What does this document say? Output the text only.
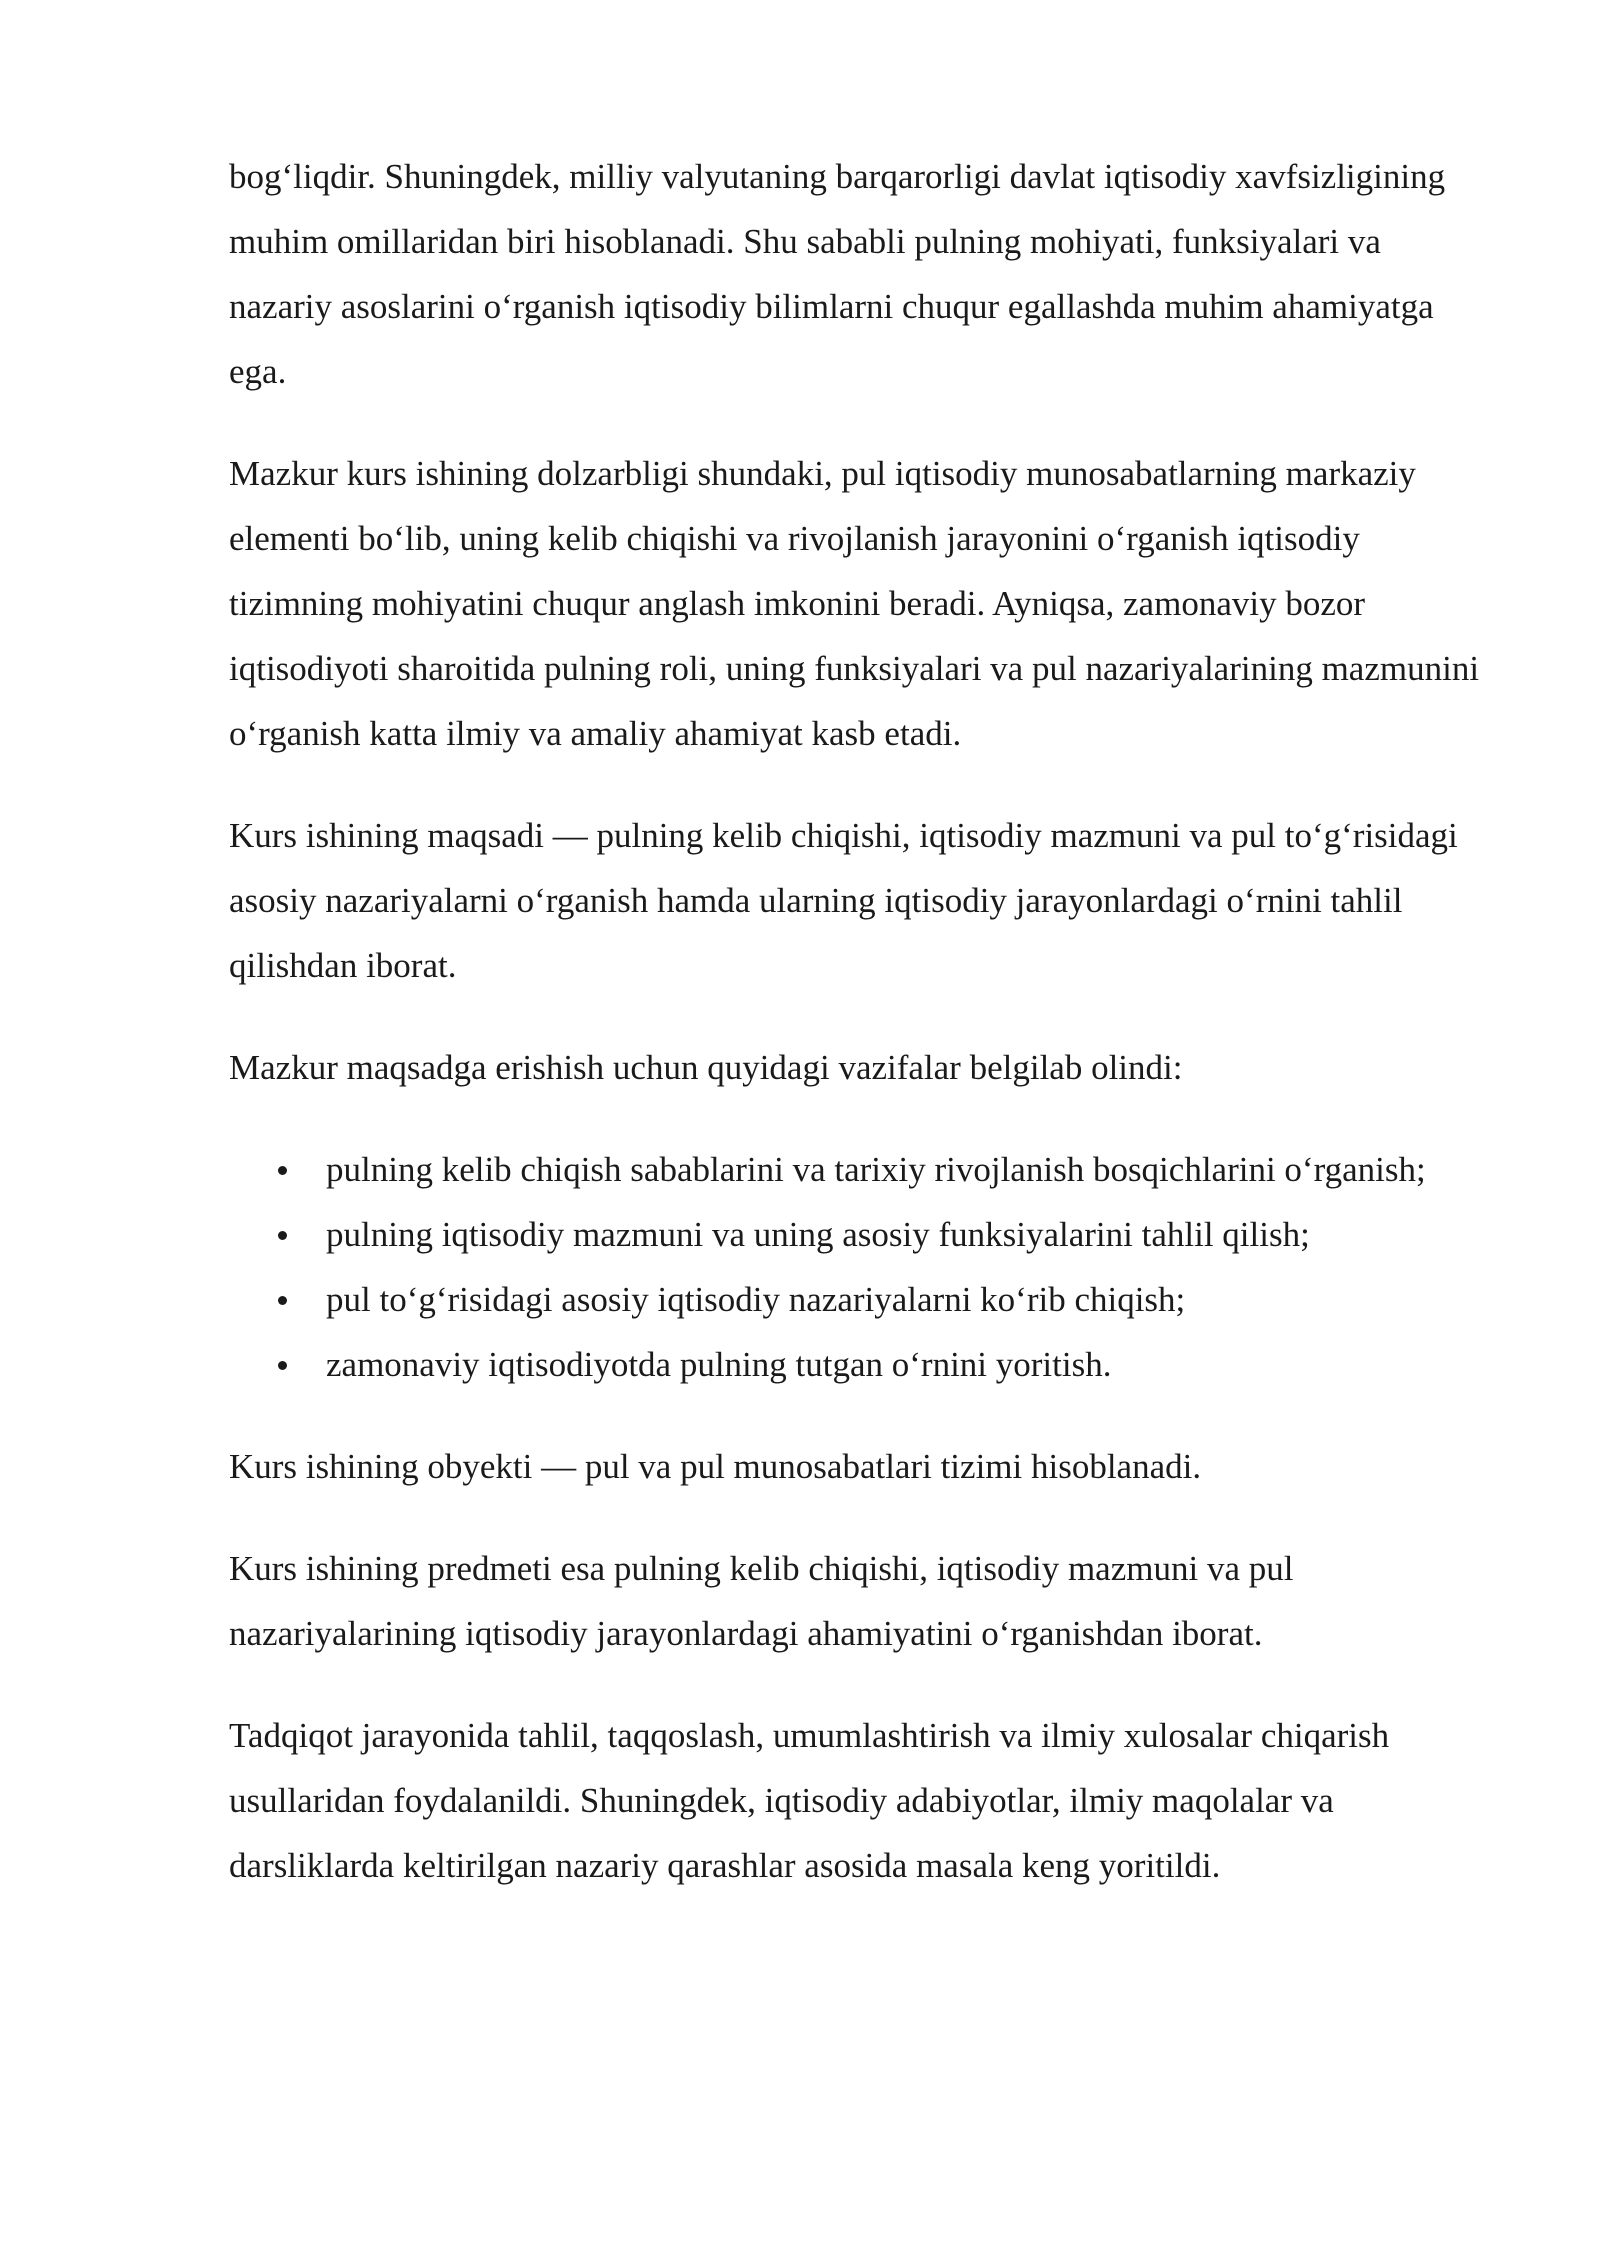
bog‘liqdir. Shuningdek, milliy valyutaning barqarorligi davlat iqtisodiy xavfsizligining muhim omillaridan biri hisoblanadi. Shu sababli pulning mohiyati, funksiyalari va nazariy asoslarini o‘rganish iqtisodiy bilimlarni chuqur egallashda muhim ahamiyatga ega.

Mazkur kurs ishining dolzarbligi shundaki, pul iqtisodiy munosabatlarning markaziy elementi bo‘lib, uning kelib chiqishi va rivojlanish jarayonini o‘rganish iqtisodiy tizimning mohiyatini chuqur anglash imkonini beradi. Ayniqsa, zamonaviy bozor iqtisodiyoti sharoitida pulning roli, uning funksiyalari va pul nazariyalarining mazmunini o‘rganish katta ilmiy va amaliy ahamiyat kasb etadi.

Kurs ishining maqsadi — pulning kelib chiqishi, iqtisodiy mazmuni va pul to‘g‘risidagi asosiy nazariyalarni o‘rganish hamda ularning iqtisodiy jarayonlardagi o‘rnini tahlil qilishdan iborat.

Mazkur maqsadga erishish uchun quyidagi vazifalar belgilab olindi:

pulning kelib chiqish sabablarini va tarixiy rivojlanish bosqichlarini o‘rganish;
pulning iqtisodiy mazmuni va uning asosiy funksiyalarini tahlil qilish;
pul to‘g‘risidagi asosiy iqtisodiy nazariyalarni ko‘rib chiqish;
zamonaviy iqtisodiyotda pulning tutgan o‘rnini yoritish.

Kurs ishining obyekti — pul va pul munosabatlari tizimi hisoblanadi.

Kurs ishining predmeti esa pulning kelib chiqishi, iqtisodiy mazmuni va pul nazariyalarining iqtisodiy jarayonlardagi ahamiyatini o‘rganishdan iborat.

Tadqiqot jarayonida tahlil, taqqoslash, umumlashtirish va ilmiy xulosalar chiqarish usullaridan foydalanildi. Shuningdek, iqtisodiy adabiyotlar, ilmiy maqolalar va darsliklarda keltirilgan nazariy qarashlar asosida masala keng yoritildi.
